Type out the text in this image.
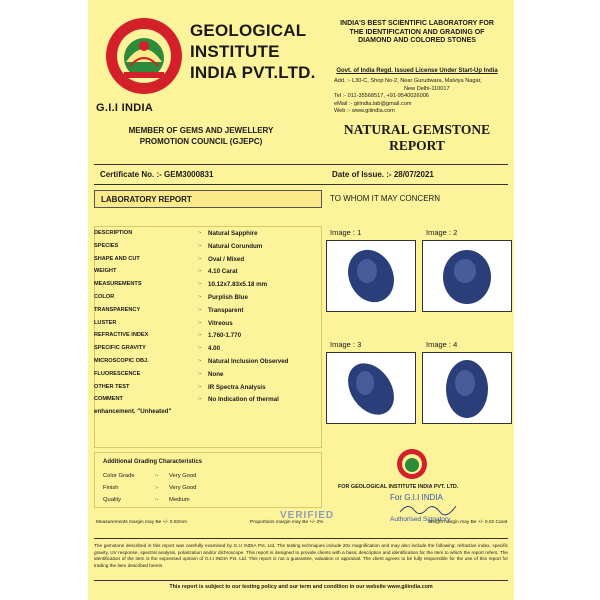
G.I.I INDIA
GEOLOGICAL
INSTITUTE
INDIA PVT.LTD.
MEMBER OF GEMS AND JEWELLERY
PROMOTION COUNCIL (GJEPC)
INDIA'S BEST SCIENTIFIC LABORATORY FOR
THE IDENTIFICATION AND GRADING OF
DIAMOND AND COLORED STONES
Govt. of India Regd. Issued License Under Start-Up India
Add. :- L30-C, Shop No-2, Near Gurudwara, Malviya Nagar,
New Delhi-110017
Tel :- 011-35568517, +91-9540026006
eMail :- giiindia.lab@gmail.com
Web :- www.giiindia.com
NATURAL GEMSTONE
REPORT
Certificate No. :- GEM3000831	Date of Issue. :- 28/07/2021
LABORATORY REPORT	TO WHOM IT MAY CONCERN
DESCRIPTION	:- Natural Sapphire
SPECIES	:- Natural Corundum
SHAPE AND CUT	:- Oval / Mixed
WEIGHT	:- 4.10 Carat
MEASUREMENTS	:- 10.12x7.83x5.18 mm
COLOR	:- Purplish Blue
TRANSPARENCY	:- Transparent
LUSTER	:- Vitreous
REFRACTIVE INDEX	:- 1.760-1.770
SPECIFIC GRAVITY	:- 4.00
MICROSCOPIC OBJ.	:- Natural Inclusion Observed
FLUORESCENCE	:- None
OTHER TEST	:- IR Spectra Analysis
COMMENT	:- No Indication of thermal
enhancement. "Unheated"
Image : 1	Image : 2
Image : 3	Image : 4
Additional Grading Characteristics
Color Grade	:- Very Good
Finish	:- Very Good
Quality	:- Medium
FOR GEOLOGICAL INSTITUTE INDIA PVT. LTD.
For G.I.I INDIA
Authorised Signatory
VERIFIED
Measurements margin may Be +/- 0.02mm	Proportions margin may Be +/- 2%	Weight margin may Be +/- 0.02 Carat
The gemstone described in this report was carefully examined by G.I.I INDIA Pvt. Ltd. The testing techniques include 20x magnification and may also include the following: refractive index, specific gravity, UV response, spectral analysis, polarization and/or dichroscope. This report is designed to provide clients with a basic description and identification for the item to which the report refers. The identification of the item is the expressed opinion of G.I.I INDIA Pvt. Ltd. This report is not a guarantee, valuation or appraisal. The client agrees to be fully responsible for the use of this report for trading the item described herein.
This report is subject to our testing policy and our term and condition in our website www.giiindia.com
